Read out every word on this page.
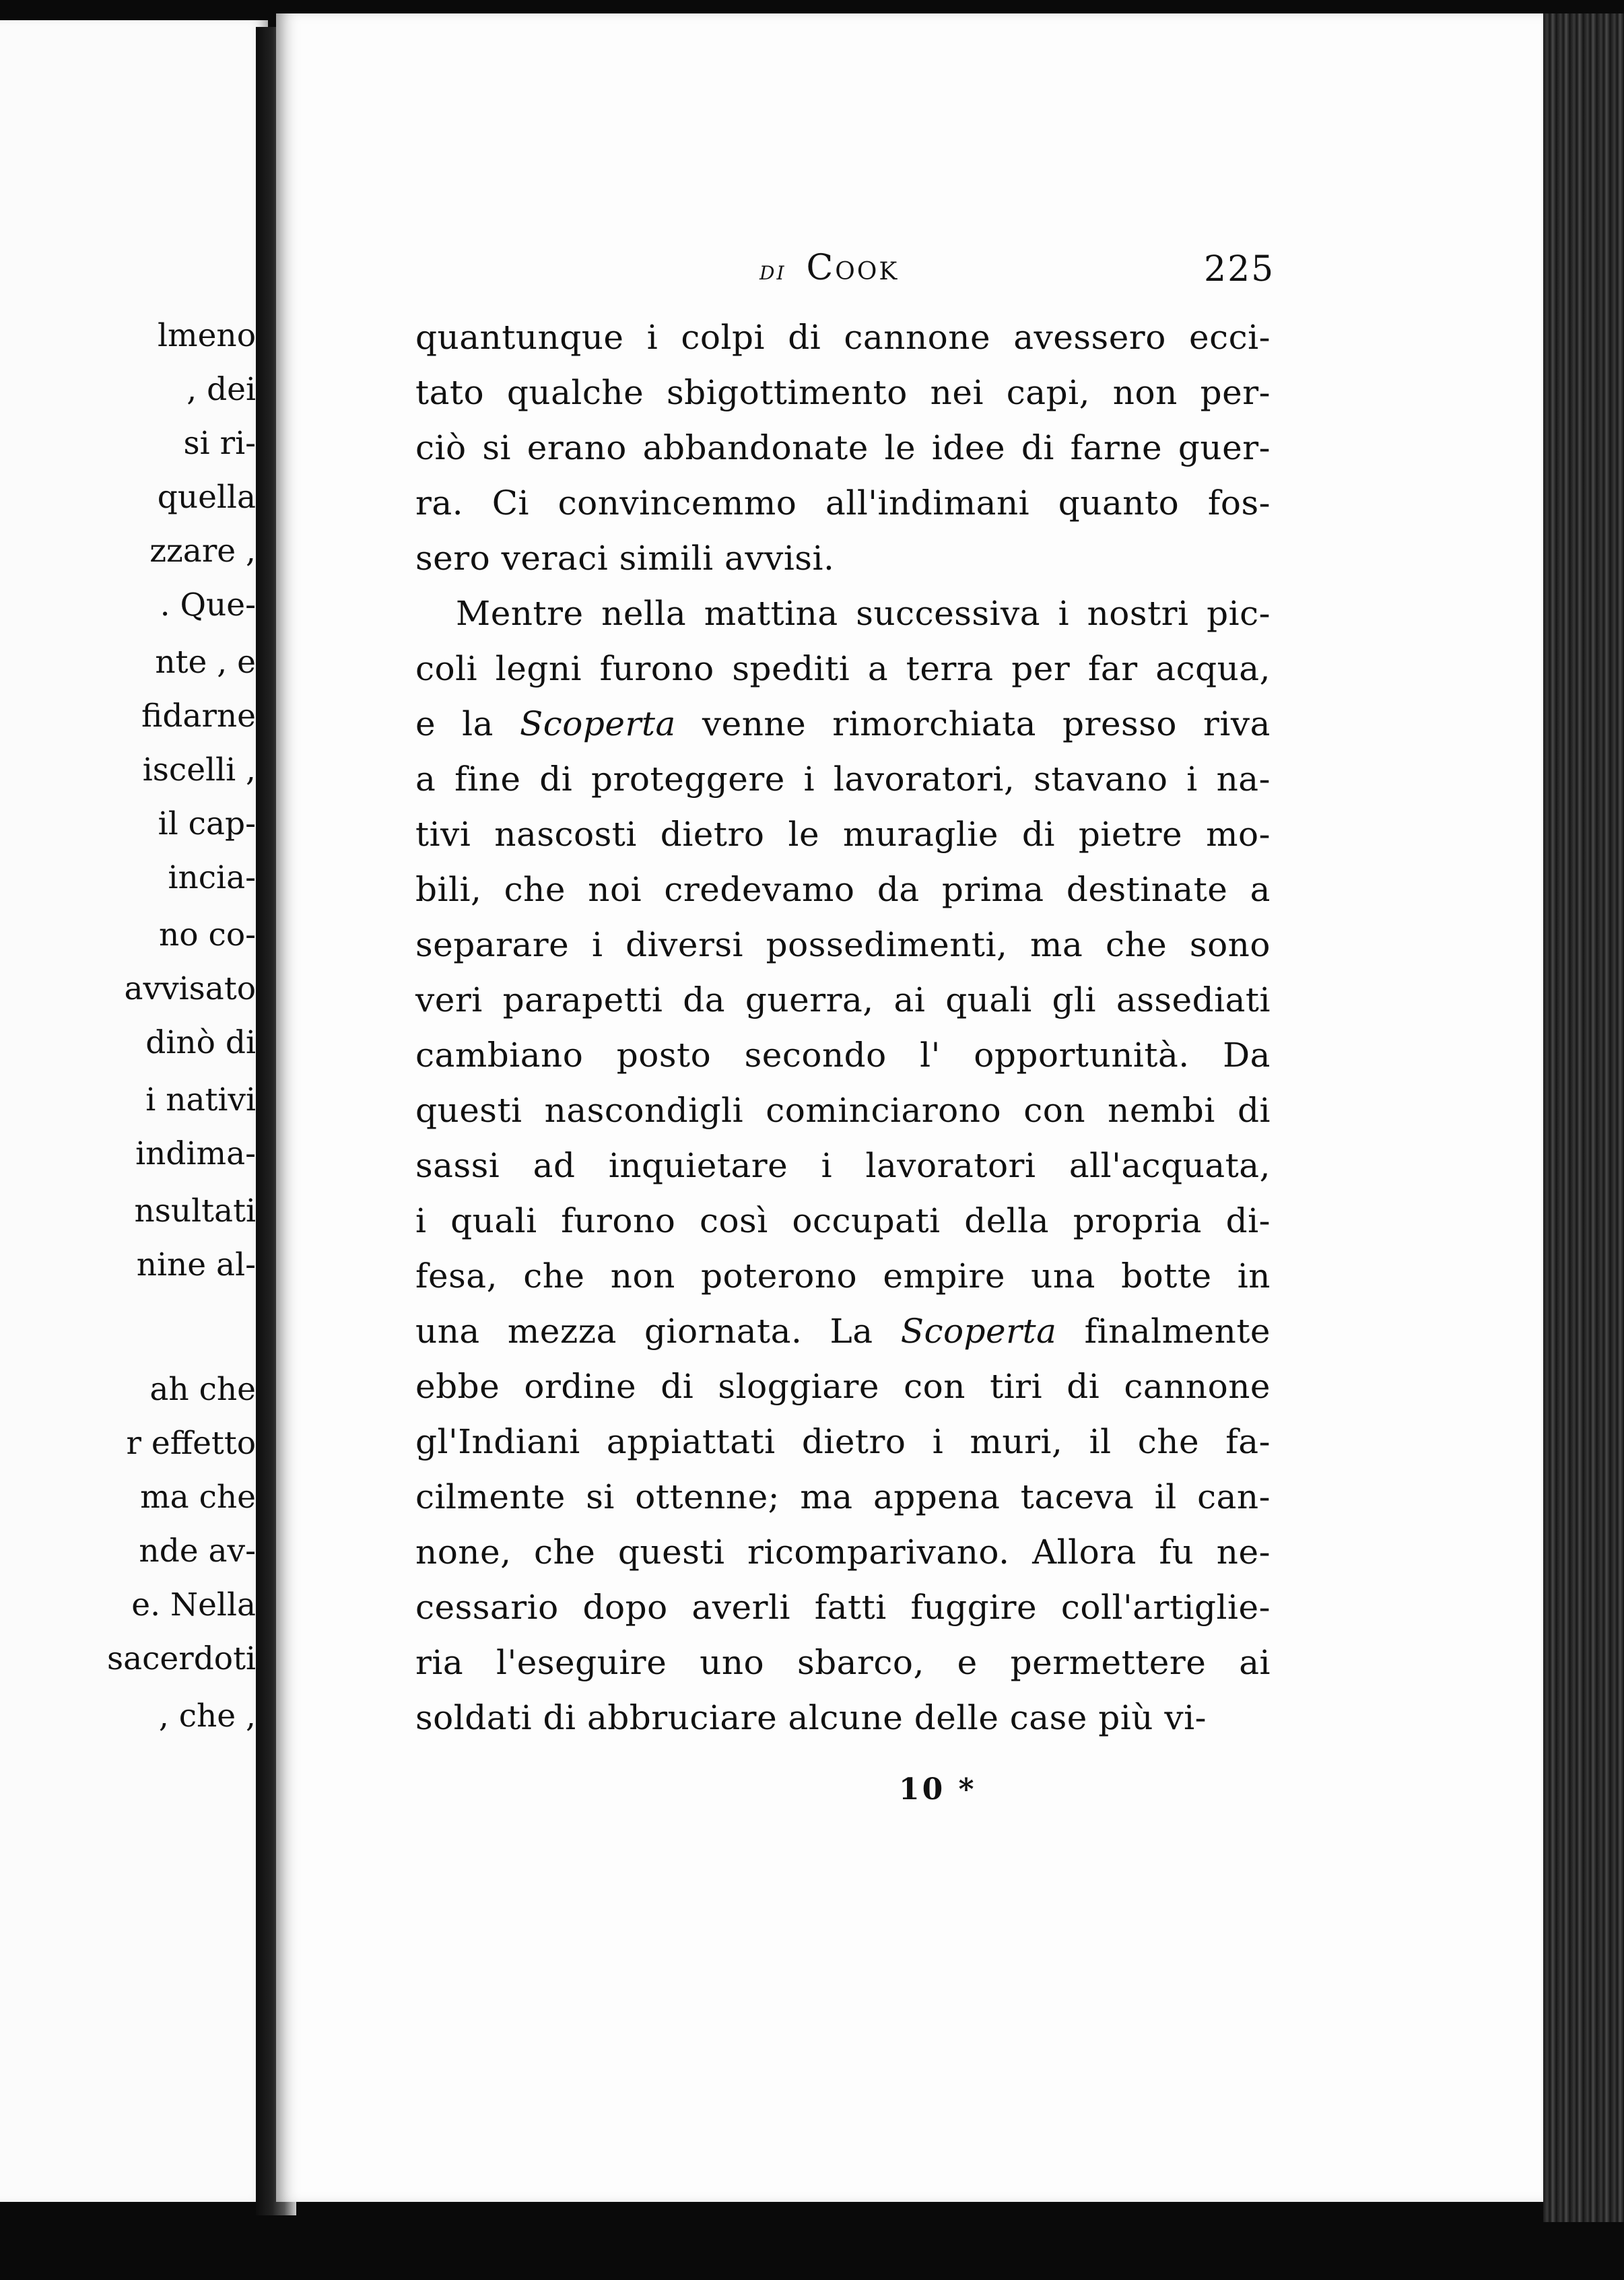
lmeno
, dei
si ri-
quella
zzare ,
. Que-
nte , e
fidarne
iscelli ,
il cap-
incia-
no co-
avvisato
dinò di
i nativi
indima-
nsultati
nine al-
ah che
r effetto
ma che
nde av-
e. Nella
sacerdoti
, che ,
di Cook	225
quantunque i colpi di cannone avessero ecci-
tato qualche sbigottimento nei capi, non per-
ciò si erano abbandonate le idee di farne guer-
ra. Ci convincemmo all'indimani quanto fos-
sero veraci simili avvisi.
Mentre nella mattina successiva i nostri pic-
coli legni furono spediti a terra per far acqua,
e la Scoperta venne rimorchiata presso riva
a fine di proteggere i lavoratori, stavano i na-
tivi nascosti dietro le muraglie di pietre mo-
bili, che noi credevamo da prima destinate a
separare i diversi possedimenti, ma che sono
veri parapetti da guerra, ai quali gli assediati
cambiano posto secondo l' opportunità. Da
questi nascondigli cominciarono con nembi di
sassi ad inquietare i lavoratori all'acquata,
i quali furono così occupati della propria di-
fesa, che non poterono empire una botte in
una mezza giornata. La Scoperta finalmente
ebbe ordine di sloggiare con tiri di cannone
gl'Indiani appiattati dietro i muri, il che fa-
cilmente si ottenne; ma appena taceva il can-
none, che questi ricomparivano. Allora fu ne-
cessario dopo averli fatti fuggire coll'artiglie-
ria l'eseguire uno sbarco, e permettere ai
soldati di abbruciare alcune delle case più vi-
10 *
